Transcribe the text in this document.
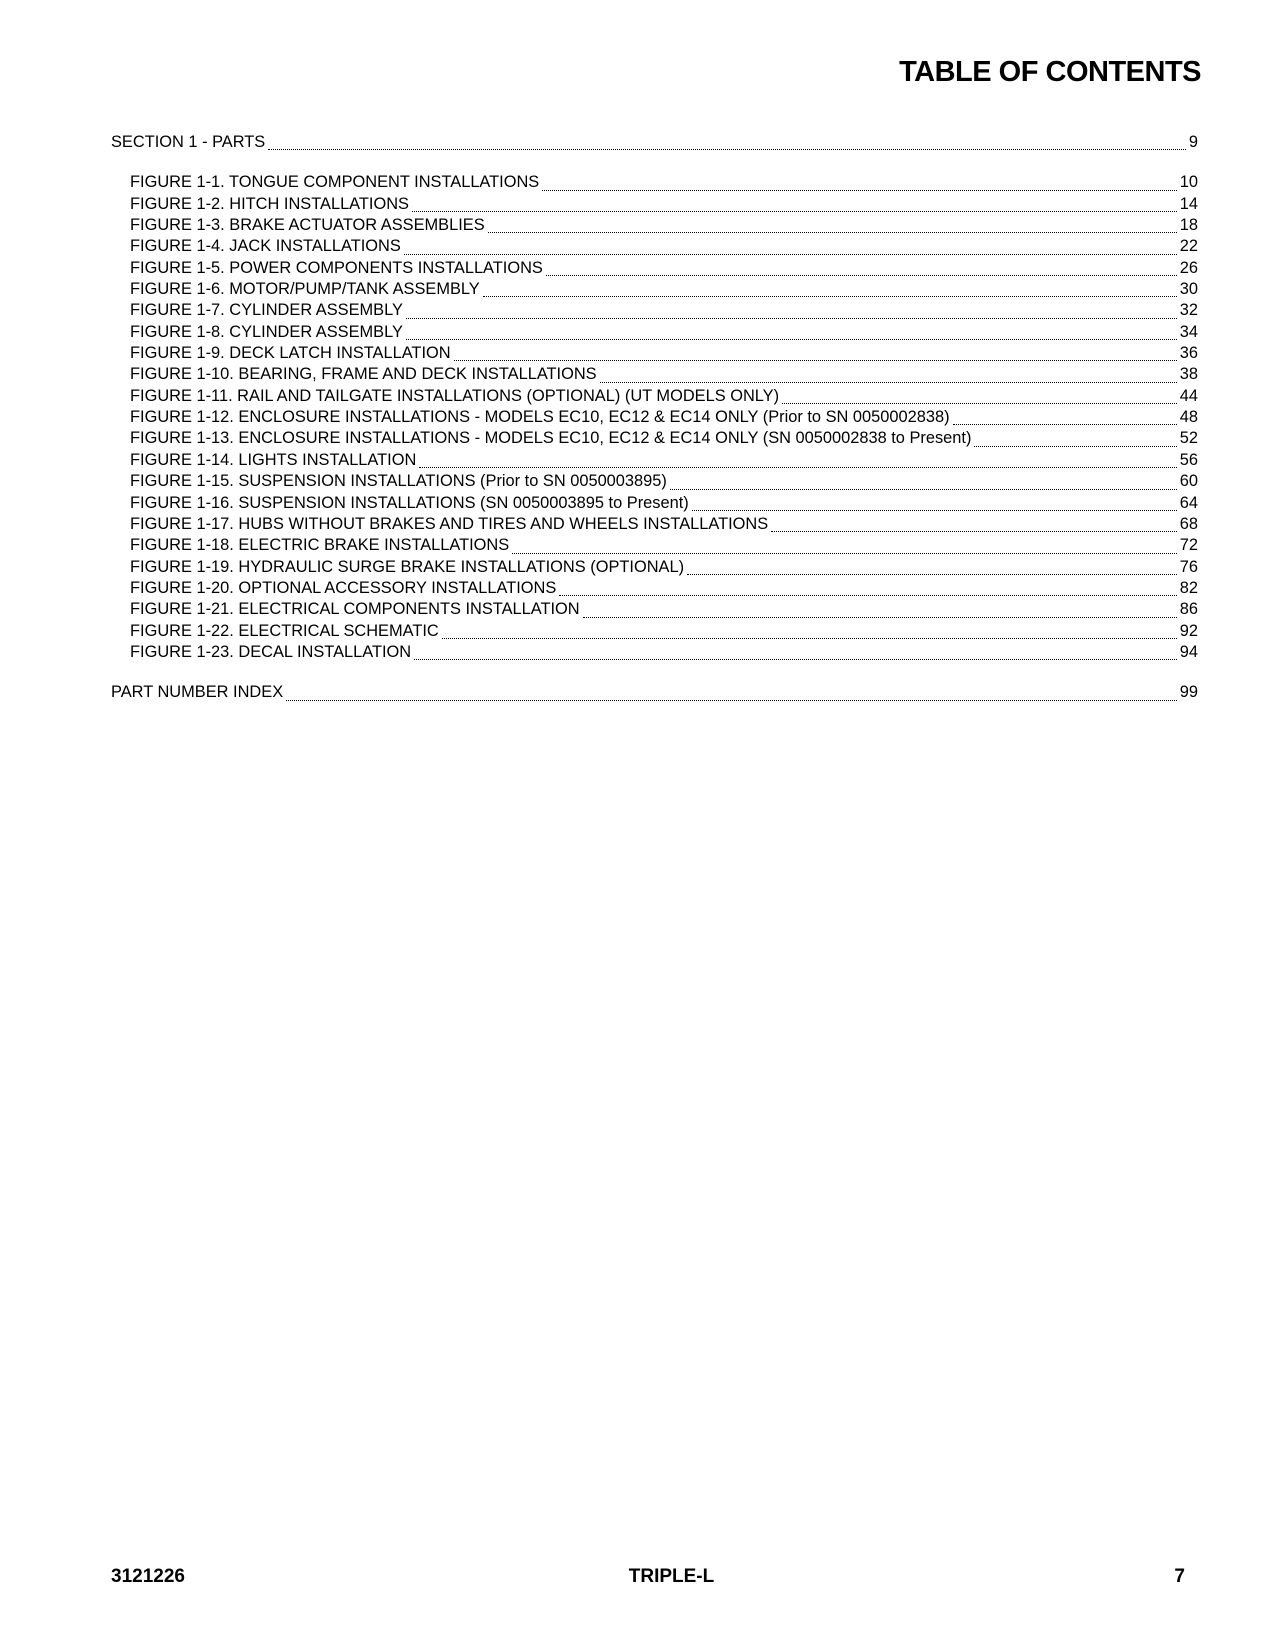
TABLE OF CONTENTS
SECTION 1 - PARTS	9
FIGURE 1-1. TONGUE COMPONENT INSTALLATIONS	10
FIGURE 1-2. HITCH INSTALLATIONS	14
FIGURE 1-3. BRAKE ACTUATOR ASSEMBLIES	18
FIGURE 1-4. JACK INSTALLATIONS	22
FIGURE 1-5. POWER COMPONENTS INSTALLATIONS	26
FIGURE 1-6. MOTOR/PUMP/TANK ASSEMBLY	30
FIGURE 1-7. CYLINDER ASSEMBLY	32
FIGURE 1-8. CYLINDER ASSEMBLY	34
FIGURE 1-9. DECK LATCH INSTALLATION	36
FIGURE 1-10. BEARING, FRAME AND DECK INSTALLATIONS	38
FIGURE 1-11. RAIL AND TAILGATE INSTALLATIONS (OPTIONAL) (UT MODELS ONLY)	44
FIGURE 1-12. ENCLOSURE INSTALLATIONS - MODELS EC10, EC12 & EC14 ONLY (Prior to SN 0050002838)	48
FIGURE 1-13. ENCLOSURE INSTALLATIONS - MODELS EC10, EC12 & EC14 ONLY (SN 0050002838 to Present)	52
FIGURE 1-14. LIGHTS INSTALLATION	56
FIGURE 1-15. SUSPENSION INSTALLATIONS (Prior to SN 0050003895)	60
FIGURE 1-16. SUSPENSION INSTALLATIONS (SN 0050003895 to Present)	64
FIGURE 1-17. HUBS WITHOUT BRAKES AND TIRES AND WHEELS INSTALLATIONS	68
FIGURE 1-18. ELECTRIC BRAKE INSTALLATIONS	72
FIGURE 1-19. HYDRAULIC SURGE BRAKE INSTALLATIONS (OPTIONAL)	76
FIGURE 1-20. OPTIONAL ACCESSORY INSTALLATIONS	82
FIGURE 1-21. ELECTRICAL COMPONENTS INSTALLATION	86
FIGURE 1-22. ELECTRICAL SCHEMATIC	92
FIGURE 1-23. DECAL INSTALLATION	94
PART NUMBER INDEX	99
3121226	TRIPLE-L	7
